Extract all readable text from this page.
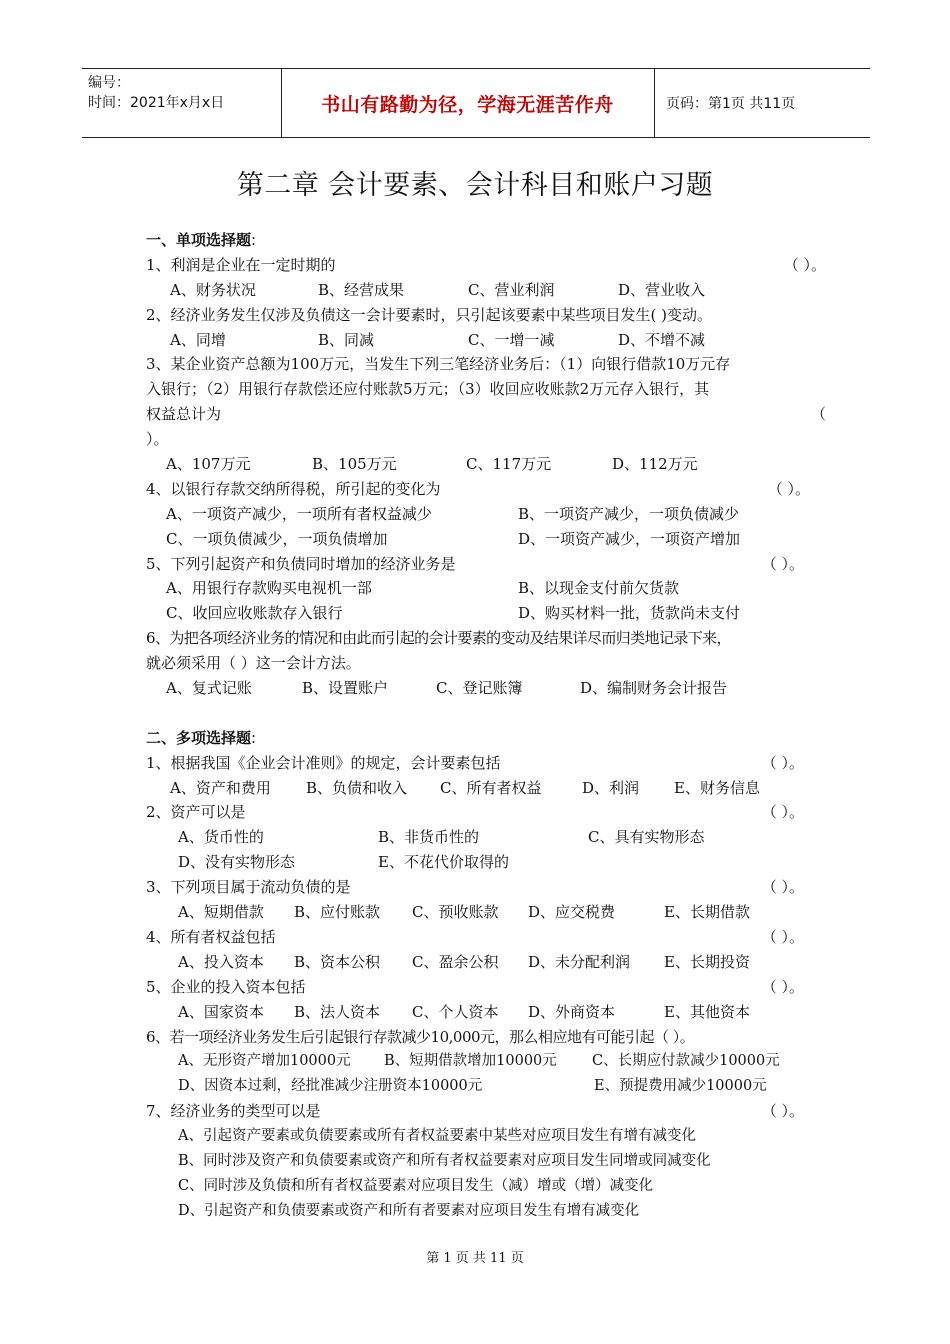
编号：
时间：2021年x月x日	书山有路勤为径，学海无涯苦作舟	页码：第1页 共11页
第二章 会计要素、会计科目和账户习题
一、单项选择题:
1、利润是企业在一定时期的	（ ）。
A、财务状况	B、经营成果	C、营业利润	D、营业收入
2、经济业务发生仅涉及负债这一会计要素时，只引起该要素中某些项目发生( )变动。
A、同增	B、同减	C、一增一减	D、不增不减
3、某企业资产总额为100万元，当发生下列三笔经济业务后：（1）向银行借款10万元存
入银行；（2）用银行存款偿还应付账款5万元；（3）收回应收账款2万元存入银行，其
权益总计为	（
）。
A、107万元	B、105万元	C、117万元	D、112万元
4、以银行存款交纳所得税，所引起的变化为	（ ）。
A、一项资产减少，一项所有者权益减少	B、一项资产减少，一项负债减少
C、一项负债减少，一项负债增加	D、一项资产减少，一项资产增加
5、下列引起资产和负债同时增加的经济业务是	（ ）。
A、用银行存款购买电视机一部	B、以现金支付前欠货款
C、收回应收账款存入银行	D、购买材料一批，货款尚未支付
6、为把各项经济业务的情况和由此而引起的会计要素的变动及结果详尽而归类地记录下来，
就必须采用（ ）这一会计方法。
A、复式记账	B、设置账户	C、登记账簿	D、编制财务会计报告
二、多项选择题:
1、根据我国《企业会计准则》的规定，会计要素包括	（ ）。
A、资产和费用 B、负债和收入 C、所有者权益	D、利润 E、财务信息
2、资产可以是	（ ）。
A、货币性的	B、非货币性的	C、具有实物形态
D、没有实物形态	E、不花代价取得的
3、下列项目属于流动负债的是	（ ）。
A、短期借款 B、应付账款 C、预收账款 D、应交税费	E、长期借款
4、所有者权益包括	（ ）。
A、投入资本 B、资本公积 C、盈余公积 D、未分配利润 E、长期投资
5、企业的投入资本包括	（ ）。
A、国家资本 B、法人资本 C、个人资本 D、外商资本	E、其他资本
6、若一项经济业务发生后引起银行存款减少10,000元，那么相应地有可能引起（ ）。
A、无形资产增加10000元 B、短期借款增加10000元 C、长期应付款减少10000元
D、因资本过剩，经批准减少注册资本10000元	E、预提费用减少10000元
7、经济业务的类型可以是	（ ）。
A、引起资产要素或负债要素或所有者权益要素中某些对应项目发生有增有减变化
B、同时涉及资产和负债要素或资产和所有者权益要素对应项目发生同增或同减变化
C、同时涉及负债和所有者权益要素对应项目发生（减）增或（增）减变化
D、引起资产和负债要素或资产和所有者要素对应项目发生有增有减变化
第 1 页 共 11 页
